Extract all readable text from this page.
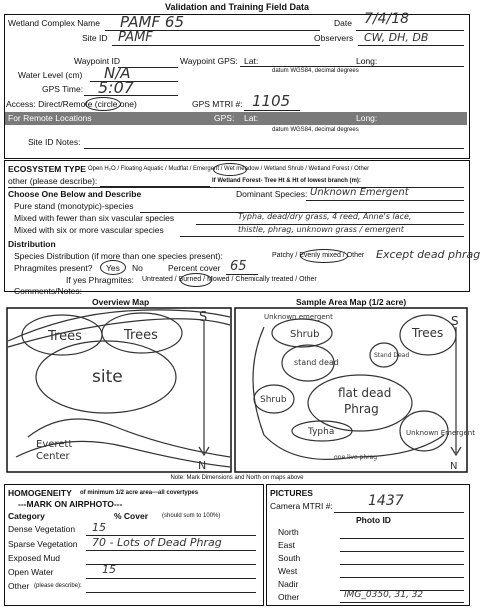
Validation and Training Field Data
Wetland Complex Name PAMF 65	Date 7/4/18
Site ID PAMF	Observers CW, DH, DB
Waypoint ID	Waypoint GPS: Lat:	Long:
datum WGS84, decimal degrees
Water Level (cm) N/A
GPS Time: 5:07
Access: Direct/Remote (circle one)	GPS MTRI #: 1105
For Remote Locations	GPS: Lat:	Long:
datum WGS84, decimal degrees
Site ID Notes:
ECOSYSTEM TYPE Open H₂O / Floating Aquatic / Mudflat / Emergent / Wet meadow / Wetland Shrub / Wetland Forest / Other
other (please describe):	If Wetland Forest- Tree Ht & Ht of lowest branch (m):
Choose One Below and Describe	Dominant Species: Unknown Emergent
Pure stand (monotypic)-species
Mixed with fewer than six vascular species	Typha, dead/dry grass, 4 reed, Anne's lace,
Mixed with six or more vascular species	thistle, phrag, unknown grass / emergent
Distribution
Species Distribution (if more than one species present):	Patchy / Evenly mixed / Other Except dead phrag
Phragmites present? Yes No	Percent cover 65
If yes Phragmites: Untreated / Burned / Mowed / Chemically treated / Other
Comments/Notes:
Overview Map	Sample Area Map (1/2 acre)
Trees	Trees
site
S
N
Everett
Center
Unknown emergent
Shrub	Trees
stand dead
Stand Dead
Shrub	flat dead
Phrag
Typha
one live phrag
Unknown Emergent
S
N
Note: Mark Dimensions and North on maps above
HOMOGENEITY of minimum 1/2 acre area---all covertypes
---MARK ON AIRPHOTO---
Category	% Cover (should sum to 100%)
Dense Vegetation 15
Sparse Vegetation 70 - Lots of Dead Phrag
Exposed Mud
Open Water	15
Other (please describe):
PICTURES
Camera MTRI #:	1437
Photo ID
North
East
South
West
Nadir
Other	IMG_0350, 31, 32
